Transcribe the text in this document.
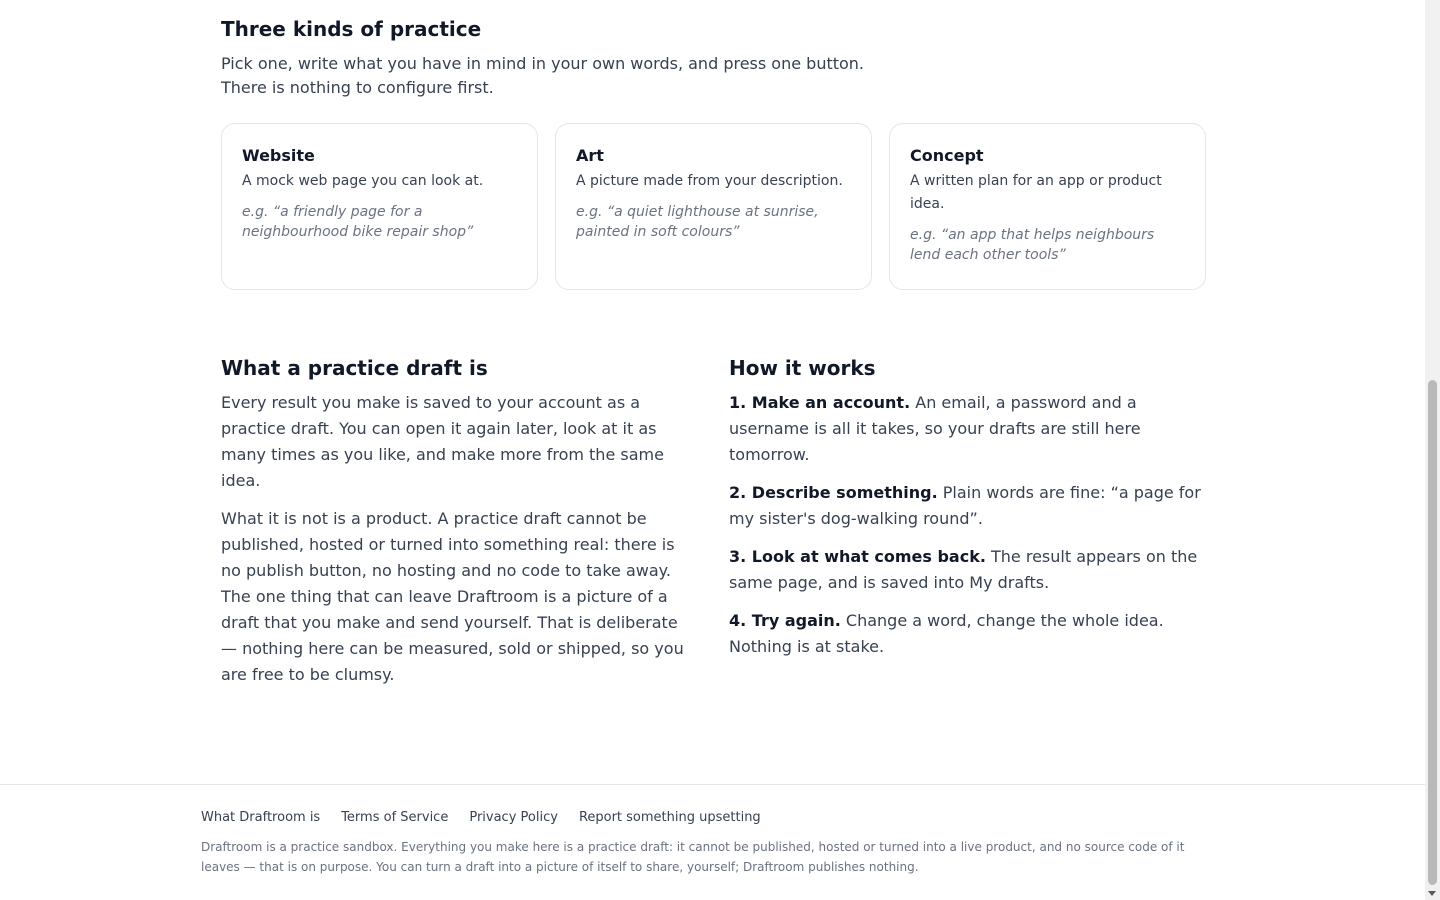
Three kinds of practice

Pick one, write what you have in mind in your own words, and press one button.
There is nothing to configure first.

Website
A mock web page you can look at.
e.g. “a friendly page for a neighbourhood bike repair shop”
Art
A picture made from your description.
e.g. “a quiet lighthouse at sunrise, painted in soft colours”
Concept
A written plan for an app or product idea.
e.g. “an app that helps neighbours lend each other tools”
What a practice draft is

Every result you make is saved to your account as a practice draft. You can open it again later, look at it as many times as you like, and make more from the same idea.

What it is not is a product. A practice draft cannot be published, hosted or turned into something real: there is no publish button, no hosting and no code to take away. The one thing that can leave Draftroom is a picture of a draft that you make and send yourself. That is deliberate — nothing here can be measured, sold or shipped, so you are free to be clumsy.

How it works

1. Make an account. An email, a password and a username is all it takes, so your drafts are still here tomorrow.

2. Describe something. Plain words are fine: “a page for my sister's dog-walking round”.

3. Look at what comes back. The result appears on the same page, and is saved into My drafts.

4. Try again. Change a word, change the whole idea. Nothing is at stake.

What Draftroom is Terms of Service Privacy Policy Report something upsetting

Draftroom is a practice sandbox. Everything you make here is a practice draft: it cannot be published, hosted or turned into a live product, and no source code of it leaves — that is on purpose. You can turn a draft into a picture of itself to share, yourself; Draftroom publishes nothing.
